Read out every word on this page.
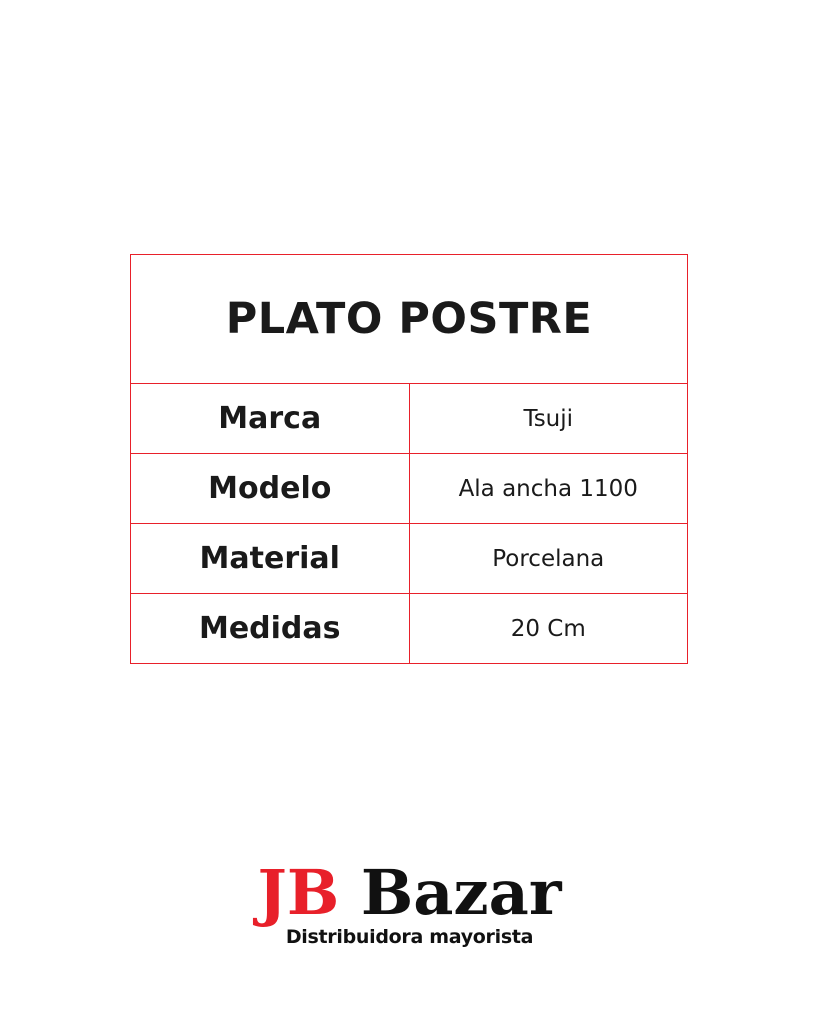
PLATO POSTRE	
Marca	Tsuji
Modelo	Ala ancha 1100
Material	Porcelana
Medidas	20 Cm
JB Bazar
Distribuidora mayorista
